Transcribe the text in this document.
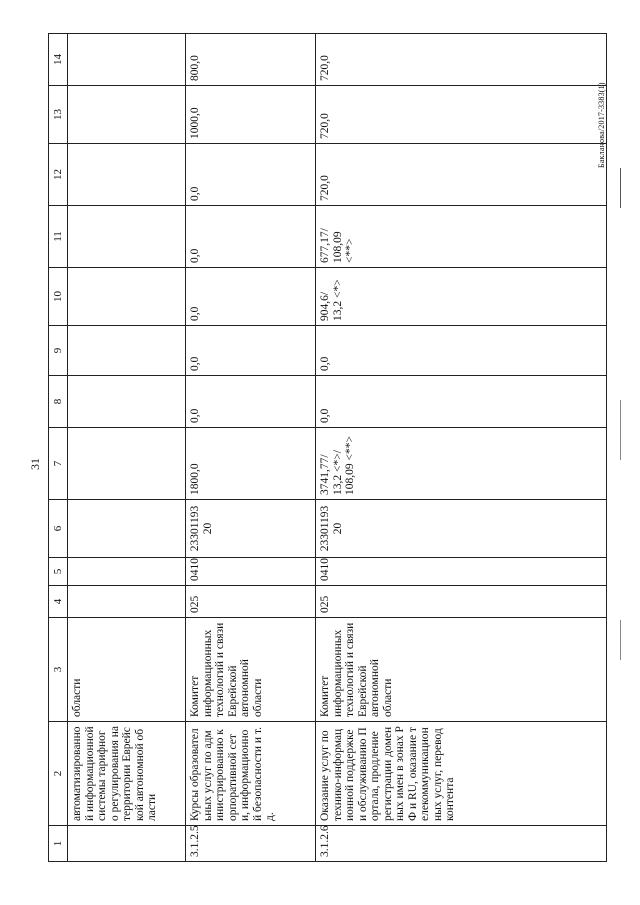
31
Бакланова/2017-3383(1)
1	2	3	4	5	6	7	8	9	10	11	12	13	14
	автоматизированной информационной системы тарифного регулирования на территории Еврейской автономной области	области											
3.1.2.5	Курсы образовательных услуг по администрированию корпоративной сети, информационной безопасности и т.д.	Комитет информационных технологий и связи Еврейской автономной области	025	0410	2330119320	1800,0	0,0	0,0	0,0	0,0	0,0	1000,0	800,0
3.1.2.6	Оказание услуг по технико-информационной поддержке и обслуживанию Портала, продление регистрации доменных имен в зонах РФ и RU, оказание телекоммуникационных услуг, перевод контента	Комитет информационных технологий и связи Еврейской автономной области	025	0410	2330119320	3741,77/ 13,2 <*>/ 108,09 <**>	0,0	0,0	904,6/ 13,2 <*>	677,17/ 108,09 <**>	720,0	720,0	720,0
